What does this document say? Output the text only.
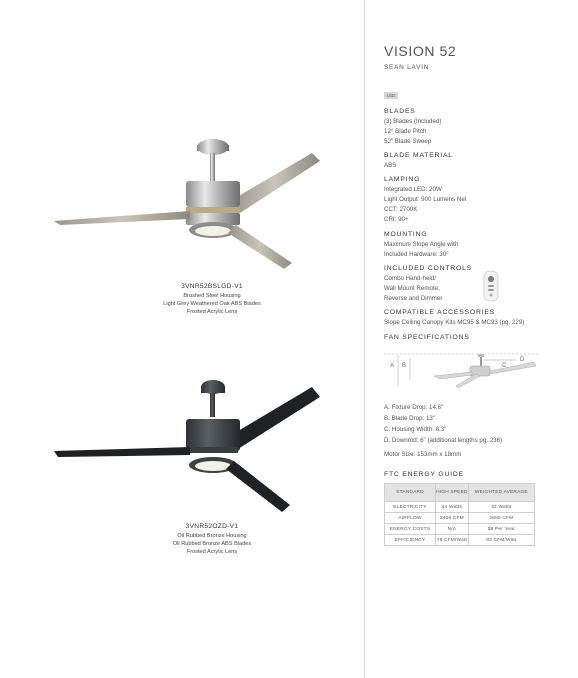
3VNR52BSLGD-V1
Brushed Steel Housing
Light Grey Weathered Oak ABS Blades
Frosted Acrylic Lens
3VNR52OZD-V1
Oil Rubbed Bronze Housing
Oil Rubbed Bronze ABS Blades
Frosted Acrylic Lens
VISION 52
SEAN LAVIN
LED
BLADES
(3) Blades (Included)
12° Blade Pitch
52" Blade Sweep
BLADE MATERIAL
ABS
LAMPING
Integrated LED: 20W
Light Output: 900 Lumens Net
CCT: 2700K
CRI: 90+
MOUNTING
Maximum Slope Angle with
Included Hardware: 30°
INCLUDED CONTROLS
Combo Hand-held/
Wall Mount Remote,
Reverse and Dimmer
COMPATIBLE ACCESSORIES
Slope Ceiling Canopy Kits MC95 & MC93 (pg. 229)
FAN SPECIFICATIONS
A B	C
D
A. Fixture Drop: 14.6"
B. Blade Drop: 13"
C. Housing Width: 8.3"
D. Downrod: 6" (additional lengths pg. 236)
Motor Size: 153mm x 18mm
FTC ENERGY GUIDE
STANDARD	HIGH SPEED	WEIGHTED AVERAGE
ELECTRICITY	44 Watts	32 Watts
AIRFLOW	3406 CFM	2685 CFM
ENERGY COSTS	N/A	$9 Per Year
EFFICIENCY	78 CFM/Watt	83 CFM/Watt
